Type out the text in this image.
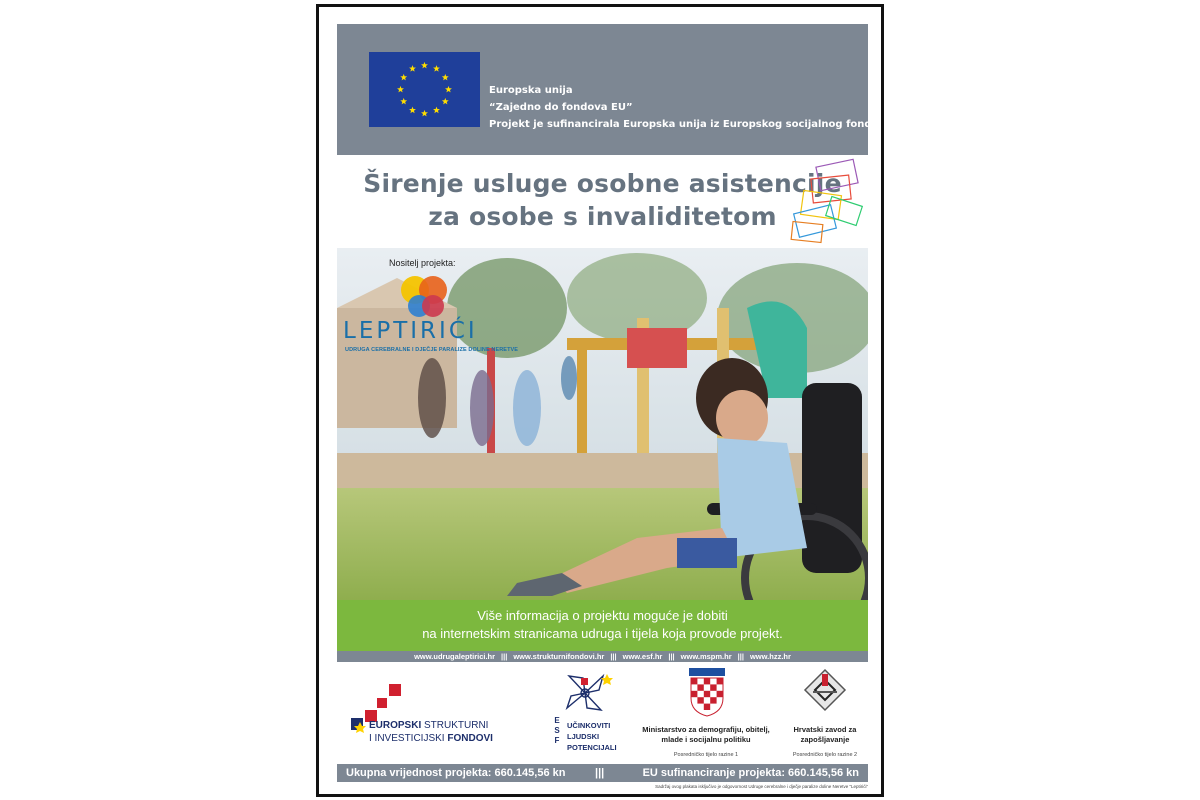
Europska unija
“Zajedno do fondova EU”
Projekt je sufinancirala Europska unija iz Europskog socijalnog fonda
Širenje usluge osobne asistencije
za osobe s invaliditetom
Nositelj projekta:
LEPTIRIĆI
UDRUGA CEREBRALNE I DJEČJE PARALIZE DOLINE NERETVE
Više informacija o projektu moguće je dobiti
na internetskim stranicama udruga i tijela koja provode projekt.
www.udrugaleptirici.hr ||| www.strukturnifondovi.hr ||| www.esf.hr ||| www.mspm.hr ||| www.hzz.hr
EUROPSKI STRUKTURNI
I INVESTICIJSKI FONDOVI
E
S
F
UČINKOVITI
LJUDSKI
POTENCIJALI
Ministarstvo za demografiju, obitelj, mlade i socijalnu politiku
Posredničko tijelo razine 1
Hrvatski zavod za zapošljavanje
Posredničko tijelo razine 2
Ukupna vrijednost projekta: 660.145,56 kn	|||	EU sufinanciranje projekta: 660.145,56 kn
Sadržaj ovog plakata isključivo je odgovornost Udruge cerebralne i dječje paralize doline Neretve “Leptirići”
